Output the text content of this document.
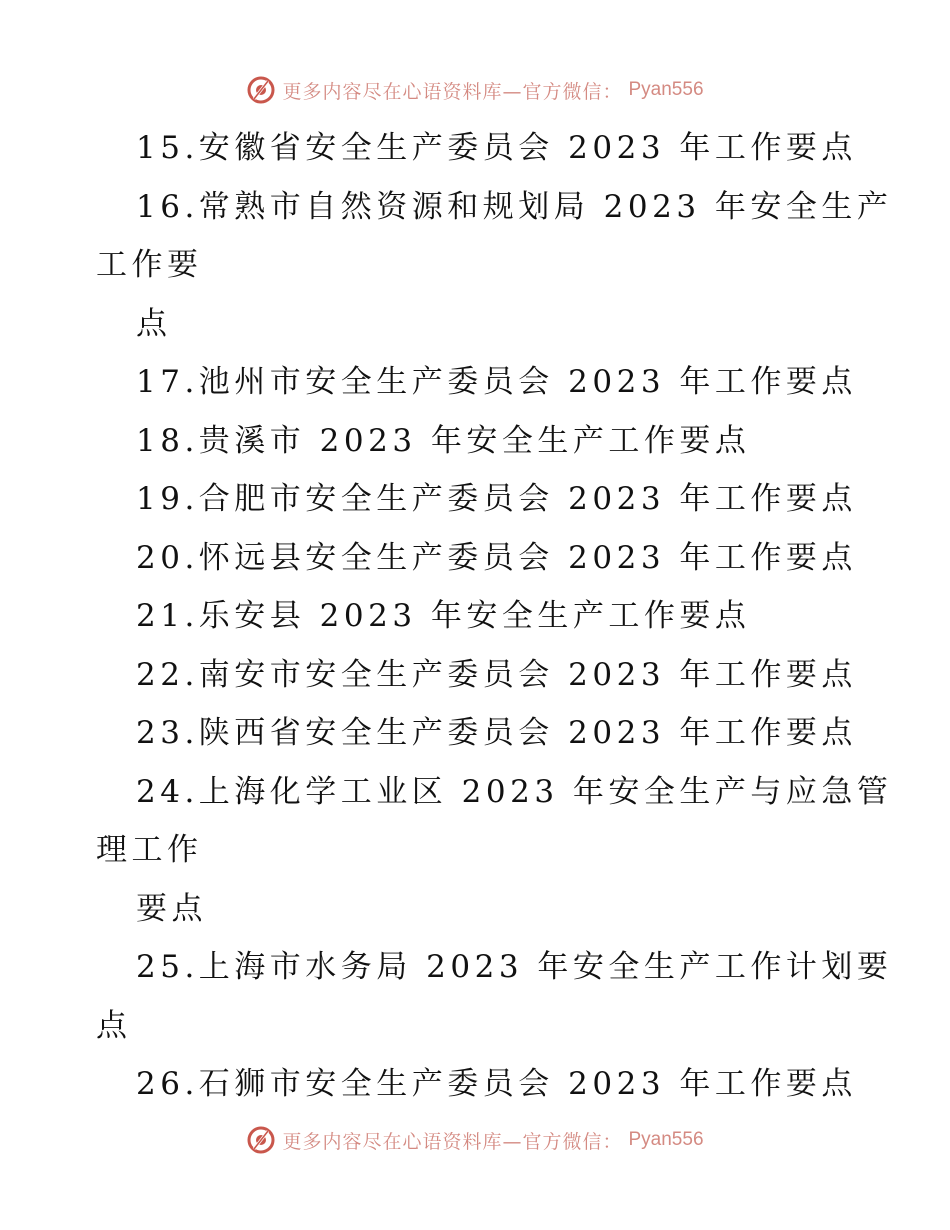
更多内容尽在心语资料库—官方微信： Pyan556
15.安徽省安全生产委员会 2023 年工作要点
16.常熟市自然资源和规划局 2023 年安全生产
工作要
点
17.池州市安全生产委员会 2023 年工作要点
18.贵溪市 2023 年安全生产工作要点
19.合肥市安全生产委员会 2023 年工作要点
20.怀远县安全生产委员会 2023 年工作要点
21.乐安县 2023 年安全生产工作要点
22.南安市安全生产委员会 2023 年工作要点
23.陕西省安全生产委员会 2023 年工作要点
24.上海化学工业区 2023 年安全生产与应急管
理工作
要点
25.上海市水务局 2023 年安全生产工作计划要
点
26.石狮市安全生产委员会 2023 年工作要点
更多内容尽在心语资料库—官方微信： Pyan556
